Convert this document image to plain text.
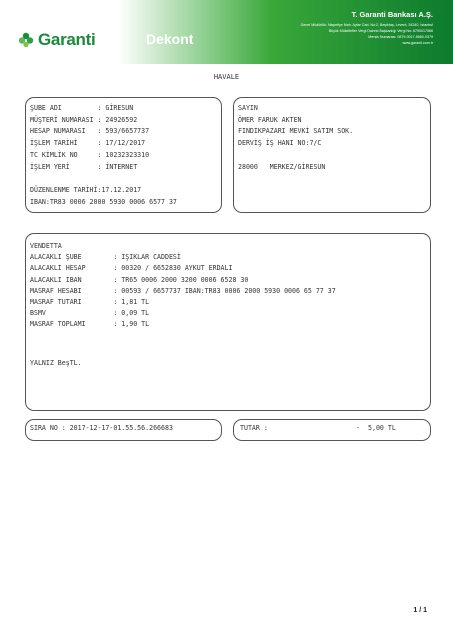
Garanti	Dekont
T. Garanti Bankası A.Ş.
Genel Müdürlük: Nispetiye Mah. Aytar Cad. No:2, Beşiktaş, Levent, 34340, İstanbul
Büyük Mükellefler Vergi Dairesi Başkanlığı Vergi No: 8790017566
Mersis Numarası: 0879-0017-5660-0379
www.garanti.com.tr
HAVALE
ŞUBE ADI         : GİRESUN
MÜŞTERİ NUMARASI : 24926592
HESAP NUMARASI   : 593/6657737
İŞLEM TARİHİ     : 17/12/2017
TC KİMLİK NO     : 10232323310
İŞLEM YERİ       : İNTERNET
DÜZENLENME TARİHİ:17.12.2017
IBAN:TR83 0006 2000 5930 0006 6577 37
SAYIN
ÖMER FARUK AKTEN
FINDIKPAZARI MEVKİ SATIM SOK.
DERVİŞ İŞ HANI NO:7/C
28000   MERKEZ/GİRESUN
VENDETTA
ALACAKLI ŞUBE        : IŞIKLAR CADDESİ
ALACAKLI HESAP       : 00320 / 6652830 AYKUT ERDALI
ALACAKLI IBAN        : TR65 0006 2000 3200 0006 6528 30
MASRAF HESABI        : 00593 / 6657737 IBAN:TR83 0006 2000 5930 0006 65 77 37
MASRAF TUTARI        : 1,81 TL
BSMV                 : 0,09 TL
MASRAF TOPLAMI       : 1,90 TL
YALNIZ BeşTL.
SIRA NO : 2017-12-17-01.55.56.266683	TUTAR :	- 5,00 TL
1 / 1
